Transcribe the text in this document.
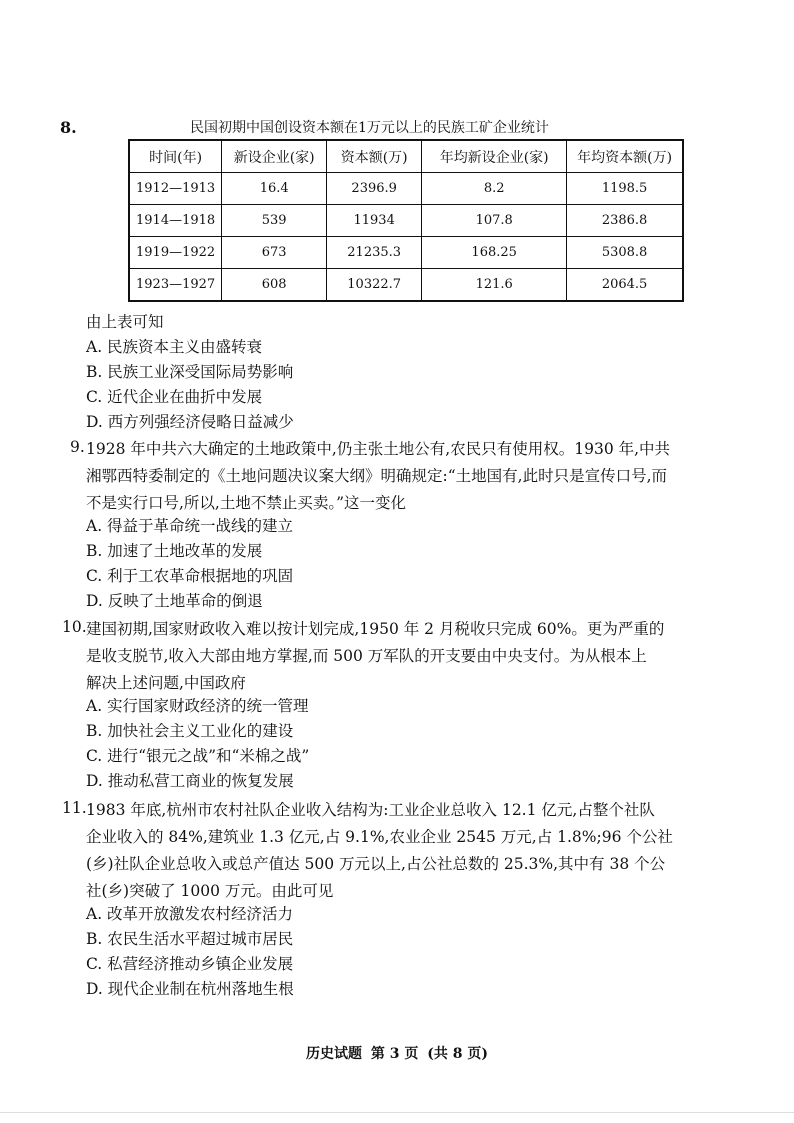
8.	民国初期中国创设资本额在1万元以上的民族工矿企业统计
时间(年)	新设企业(家)	资本额(万)	年均新设企业(家)	年均资本额(万)
1912—1913	16.4	2396.9	8.2	1198.5
1914—1918	539	11934	107.8	2386.8
1919—1922	673	21235.3	168.25	5308.8
1923—1927	608	10322.7	121.6	2064.5
由上表可知
A. 民族资本主义由盛转衰
B. 民族工业深受国际局势影响
C. 近代企业在曲折中发展
D. 西方列强经济侵略日益减少
9. 1928 年中共六大确定的土地政策中,仍主张土地公有,农民只有使用权。1930 年,中共
湘鄂西特委制定的《土地问题决议案大纲》明确规定:“土地国有,此时只是宣传口号,而
不是实行口号,所以,土地不禁止买卖。”这一变化
A. 得益于革命统一战线的建立
B. 加速了土地改革的发展
C. 利于工农革命根据地的巩固
D. 反映了土地革命的倒退
10. 建国初期,国家财政收入难以按计划完成,1950 年 2 月税收只完成 60%。更为严重的
是收支脱节,收入大部由地方掌握,而 500 万军队的开支要由中央支付。为从根本上
解决上述问题,中国政府
A. 实行国家财政经济的统一管理
B. 加快社会主义工业化的建设
C. 进行“银元之战”和“米棉之战”
D. 推动私营工商业的恢复发展
11. 1983 年底,杭州市农村社队企业收入结构为:工业企业总收入 12.1 亿元,占整个社队
企业收入的 84%,建筑业 1.3 亿元,占 9.1%,农业企业 2545 万元,占 1.8%;96 个公社
(乡)社队企业总收入或总产值达 500 万元以上,占公社总数的 25.3%,其中有 38 个公
社(乡)突破了 1000 万元。由此可见
A. 改革开放激发农村经济活力
B. 农民生活水平超过城市居民
C. 私营经济推动乡镇企业发展
D. 现代企业制在杭州落地生根
历史试题 第 3 页 (共 8 页)
